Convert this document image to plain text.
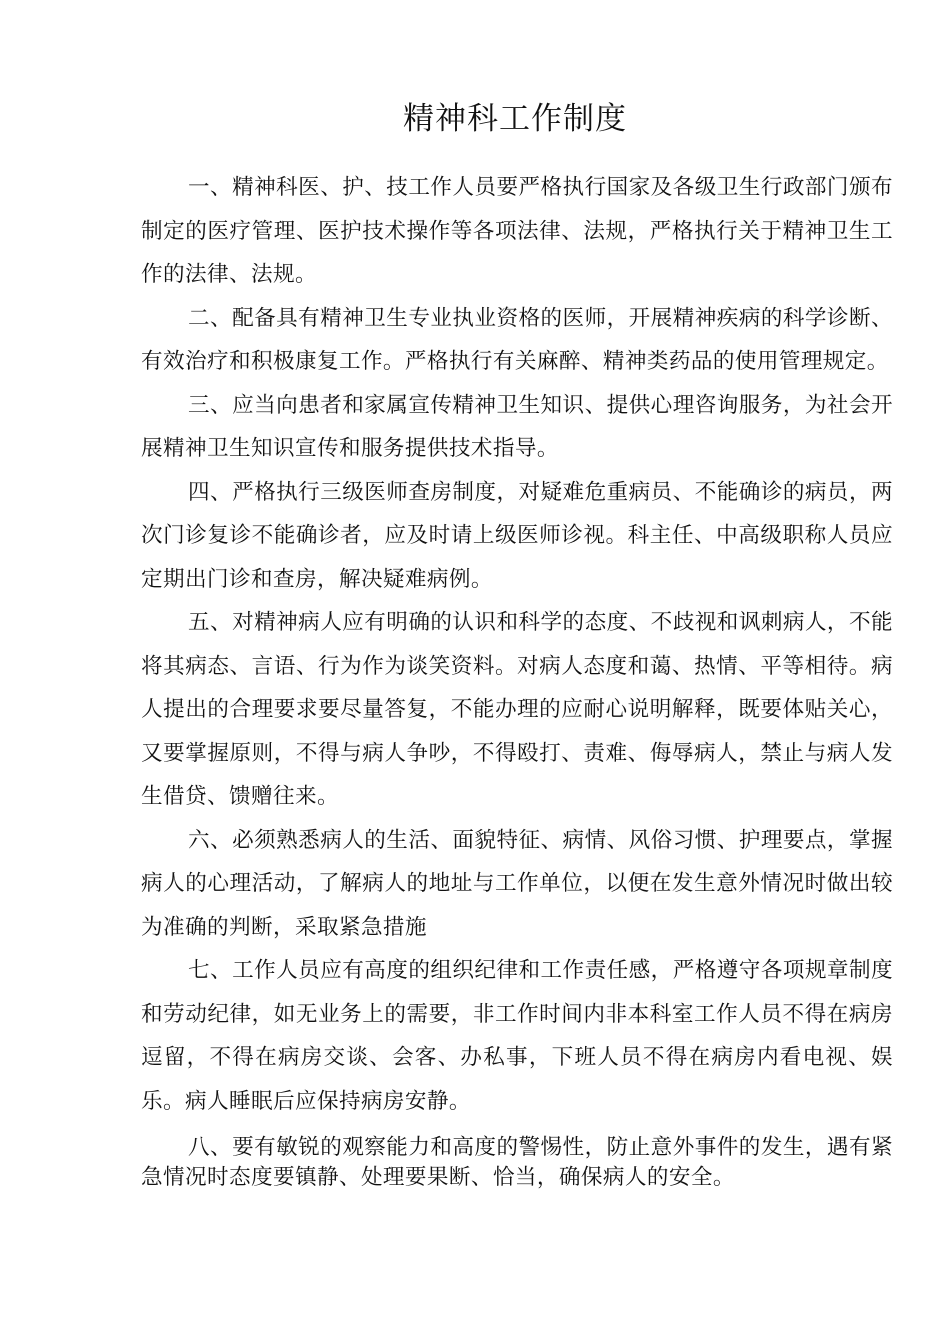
精神科工作制度

一、精神科医、护、技工作人员要严格执行国家及各级卫生行政部门颁布制定的医疗管理、医护技术操作等各项法律、法规，严格执行关于精神卫生工作的法律、法规。

二、配备具有精神卫生专业执业资格的医师，开展精神疾病的科学诊断、有效治疗和积极康复工作。严格执行有关麻醉、精神类药品的使用管理规定。

三、应当向患者和家属宣传精神卫生知识、提供心理咨询服务，为社会开展精神卫生知识宣传和服务提供技术指导。

四、严格执行三级医师查房制度，对疑难危重病员、不能确诊的病员，两次门诊复诊不能确诊者，应及时请上级医师诊视。科主任、中高级职称人员应定期出门诊和查房，解决疑难病例。

五、对精神病人应有明确的认识和科学的态度、不歧视和讽刺病人，不能将其病态、言语、行为作为谈笑资料。对病人态度和蔼、热情、平等相待。病人提出的合理要求要尽量答复，不能办理的应耐心说明解释，既要体贴关心，又要掌握原则，不得与病人争吵，不得殴打、责难、侮辱病人，禁止与病人发生借贷、馈赠往来。

六、必须熟悉病人的生活、面貌特征、病情、风俗习惯、护理要点，掌握病人的心理活动，了解病人的地址与工作单位，以便在发生意外情况时做出较为准确的判断，采取紧急措施

七、工作人员应有高度的组织纪律和工作责任感，严格遵守各项规章制度和劳动纪律，如无业务上的需要，非工作时间内非本科室工作人员不得在病房逗留，不得在病房交谈、会客、办私事，下班人员不得在病房内看电视、娱乐。病人睡眠后应保持病房安静。

八、要有敏锐的观察能力和高度的警惕性，防止意外事件的发生，遇有紧急情况时态度要镇静、处理要果断、恰当，确保病人的安全。
